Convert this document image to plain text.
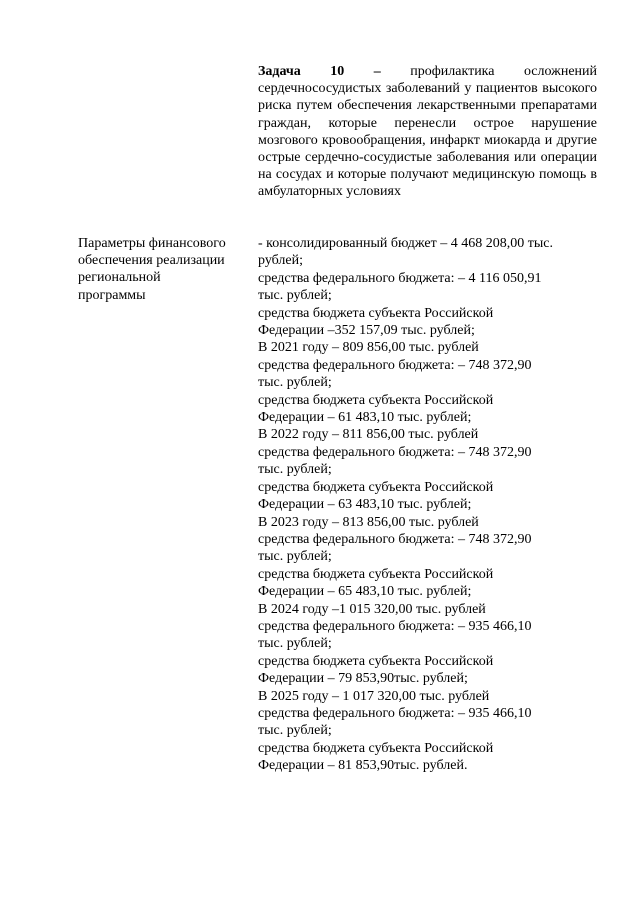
Задача 10 – профилактика осложнений сердечнососудистых заболеваний у пациентов высокого риска путем обеспечения лекарственными препаратами граждан, которые перенесли острое нарушение мозгового кровообращения, инфаркт миокарда и другие острые сердечно-сосудистые заболевания или операции на сосудах и которые получают медицинскую помощь в амбулаторных условиях
Параметры финансового
обеспечения реализации
региональной
программы
- консолидированный бюджет – 4 468 208,00 тыс.
рублей;
средства федерального бюджета: – 4 116 050,91
тыс. рублей;
средства бюджета субъекта Российской
Федерации –352 157,09 тыс. рублей;
В 2021 году – 809 856,00 тыс. рублей
средства федерального бюджета: – 748 372,90
тыс. рублей;
средства бюджета субъекта Российской
Федерации – 61 483,10 тыс. рублей;
В 2022 году – 811 856,00 тыс. рублей
средства федерального бюджета: – 748 372,90
тыс. рублей;
средства бюджета субъекта Российской
Федерации – 63 483,10 тыс. рублей;
В 2023 году – 813 856,00 тыс. рублей
средства федерального бюджета: – 748 372,90
тыс. рублей;
средства бюджета субъекта Российской
Федерации – 65 483,10 тыс. рублей;
В 2024 году –1 015 320,00 тыс. рублей
средства федерального бюджета: – 935 466,10
тыс. рублей;
средства бюджета субъекта Российской
Федерации – 79 853,90тыс. рублей;
В 2025 году – 1 017 320,00 тыс. рублей
средства федерального бюджета: – 935 466,10
тыс. рублей;
средства бюджета субъекта Российской
Федерации – 81 853,90тыс. рублей.
